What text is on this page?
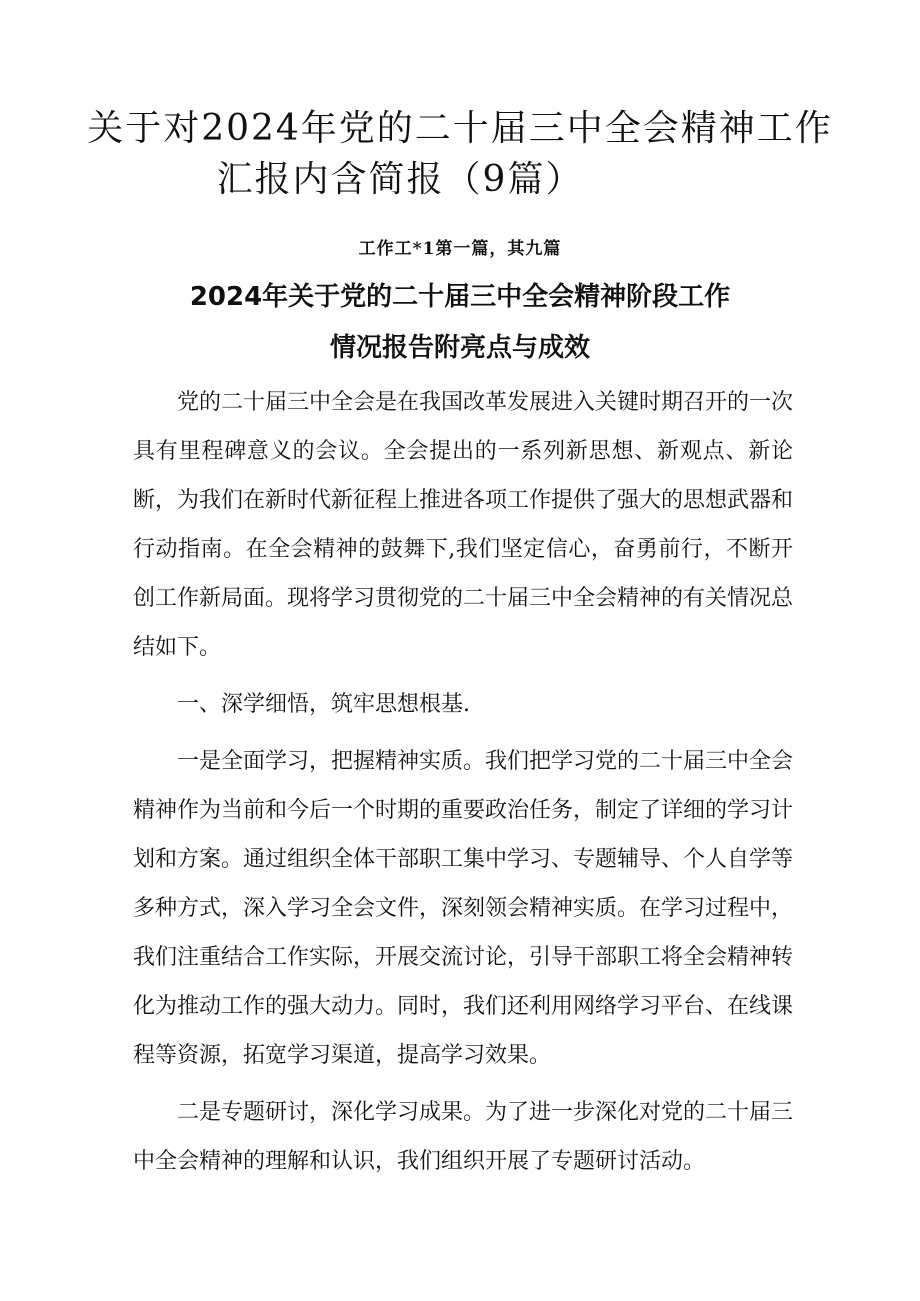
关于对2024年党的二十届三中全会精神工作
汇报内含简报（9篇）

工作工*1第一篇，其九篇

2024年关于党的二十届三中全会精神阶段工作
情况报告附亮点与成效
党的二十届三中全会是在我国改革发展进入关键时期召开的一次具有里程碑意义的会议。全会提出的一系列新思想、新观点、新论断，为我们在新时代新征程上推进各项工作提供了强大的思想武器和行动指南。在全会精神的鼓舞下,我们坚定信心，奋勇前行，不断开创工作新局面。现将学习贯彻党的二十届三中全会精神的有关情况总结如下。
一、深学细悟，筑牢思想根基.
一是全面学习，把握精神实质。我们把学习党的二十届三中全会精神作为当前和今后一个时期的重要政治任务，制定了详细的学习计划和方案。通过组织全体干部职工集中学习、专题辅导、个人自学等多种方式，深入学习全会文件，深刻领会精神实质。在学习过程中，我们注重结合工作实际，开展交流讨论，引导干部职工将全会精神转化为推动工作的强大动力。同时，我们还利用网络学习平台、在线课程等资源，拓宽学习渠道，提高学习效果。
二是专题研讨，深化学习成果。为了进一步深化对党的二十届三中全会精神的理解和认识，我们组织开展了专题研讨活动。
